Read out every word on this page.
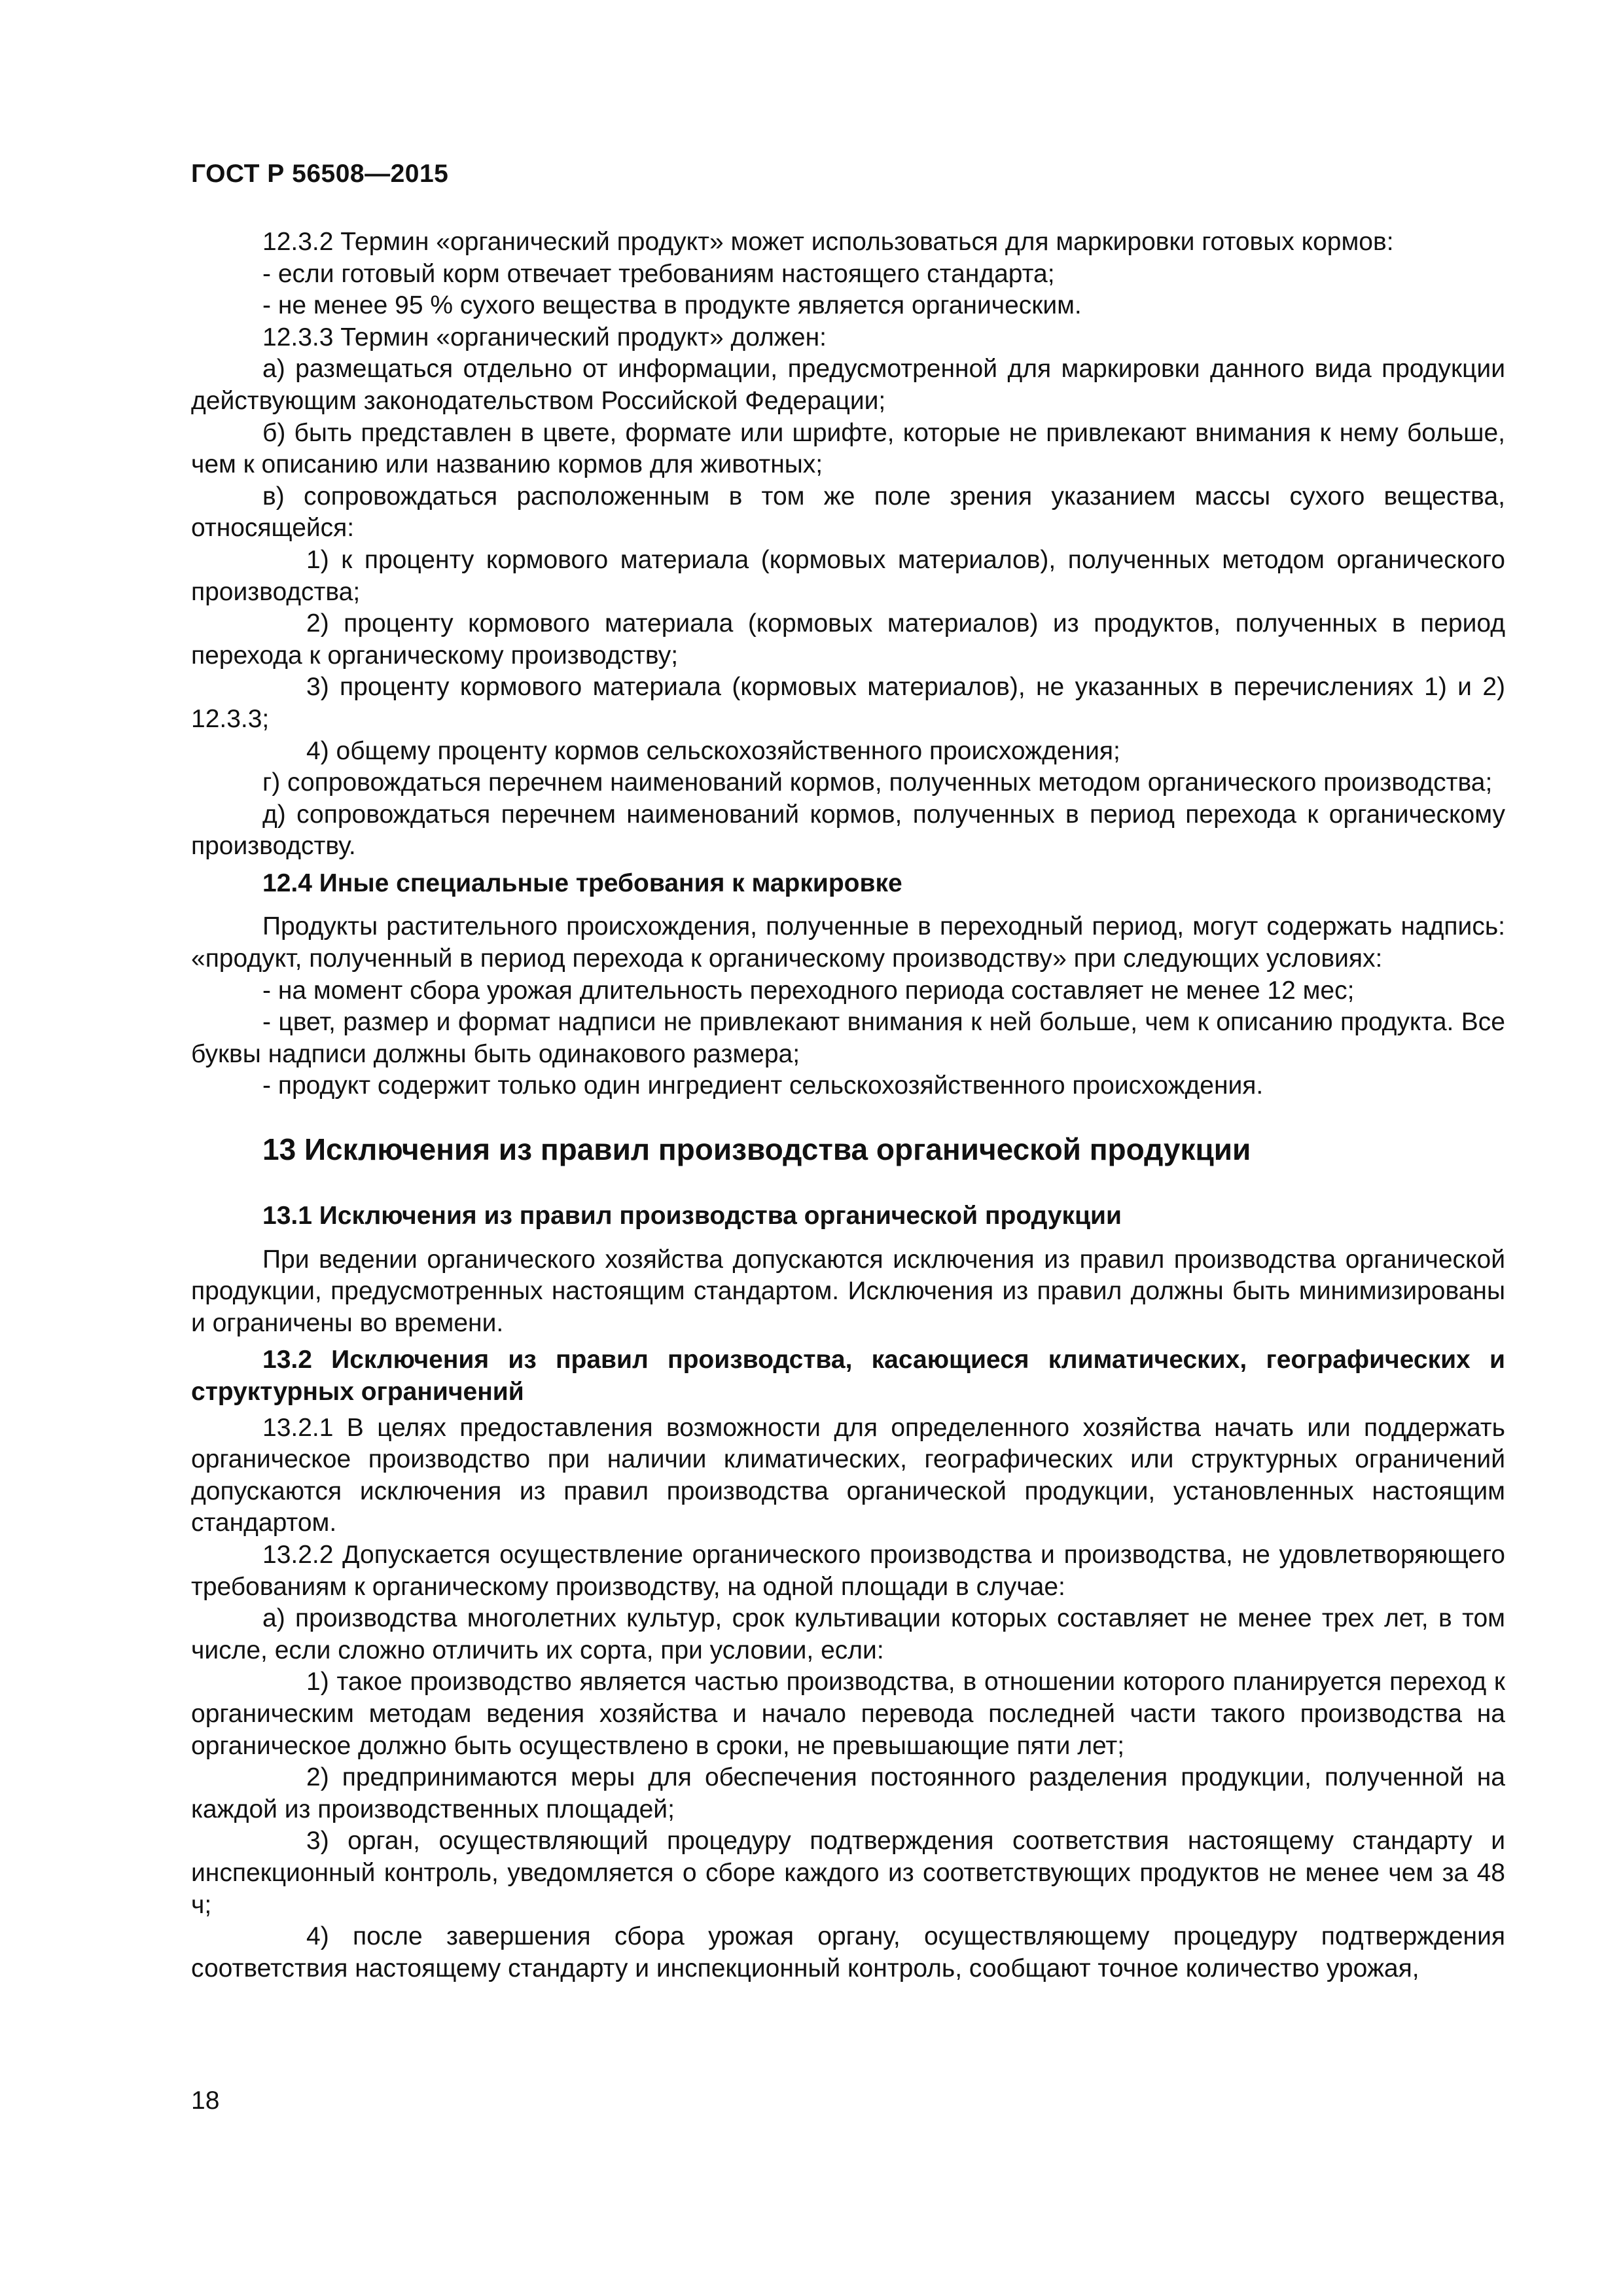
ГОСТ Р 56508—2015

12.3.2 Термин «органический продукт» может использоваться для маркировки готовых кормов:

- если готовый корм отвечает требованиям настоящего стандарта;

- не менее 95 % сухого вещества в продукте является органическим.

12.3.3 Термин «органический продукт» должен:

а) размещаться отдельно от информации, предусмотренной для маркировки данного вида продукции действующим законодательством Российской Федерации;

б) быть представлен в цвете, формате или шрифте, которые не привлекают внимания к нему больше, чем к описанию или названию кормов для животных;

в) сопровождаться расположенным в том же поле зрения указанием массы сухого вещества, относящейся:

1) к проценту кормового материала (кормовых материалов), полученных методом органического производства;

2) проценту кормового материала (кормовых материалов) из продуктов, полученных в период перехода к органическому производству;

3) проценту кормового материала (кормовых материалов), не указанных в перечислениях 1) и 2) 12.3.3;

4) общему проценту кормов сельскохозяйственного происхождения;

г) сопровождаться перечнем наименований кормов, полученных методом органического производства;

д) сопровождаться перечнем наименований кормов, полученных в период перехода к органическому производству.

12.4 Иные специальные требования к маркировке

Продукты растительного происхождения, полученные в переходный период, могут содержать надпись: «продукт, полученный в период перехода к органическому производству» при следующих условиях:

- на момент сбора урожая длительность переходного периода составляет не менее 12 мес;

- цвет, размер и формат надписи не привлекают внимания к ней больше, чем к описанию продукта. Все буквы надписи должны быть одинакового размера;

- продукт содержит только один ингредиент сельскохозяйственного происхождения.

13 Исключения из правил производства органической продукции

13.1 Исключения из правил производства органической продукции

При ведении органического хозяйства допускаются исключения из правил производства органической продукции, предусмотренных настоящим стандартом. Исключения из правил должны быть минимизированы и ограничены во времени.

13.2 Исключения из правил производства, касающиеся климатических, географических и структурных ограничений

13.2.1 В целях предоставления возможности для определенного хозяйства начать или поддержать органическое производство при наличии климатических, географических или структурных ограничений допускаются исключения из правил производства органической продукции, установленных настоящим стандартом.

13.2.2 Допускается осуществление органического производства и производства, не удовлетворяющего требованиям к органическому производству, на одной площади в случае:

а) производства многолетних культур, срок культивации которых составляет не менее трех лет, в том числе, если сложно отличить их сорта, при условии, если:

1) такое производство является частью производства, в отношении которого планируется переход к органическим методам ведения хозяйства и начало перевода последней части такого производства на органическое должно быть осуществлено в сроки, не превышающие пяти лет;

2) предпринимаются меры для обеспечения постоянного разделения продукции, полученной на каждой из производственных площадей;

3) орган, осуществляющий процедуру подтверждения соответствия настоящему стандарту и инспекционный контроль, уведомляется о сборе каждого из соответствующих продуктов не менее чем за 48 ч;

4) после завершения сбора урожая органу, осуществляющему процедуру подтверждения соответствия настоящему стандарту и инспекционный контроль, сообщают точное количество урожая,

18
